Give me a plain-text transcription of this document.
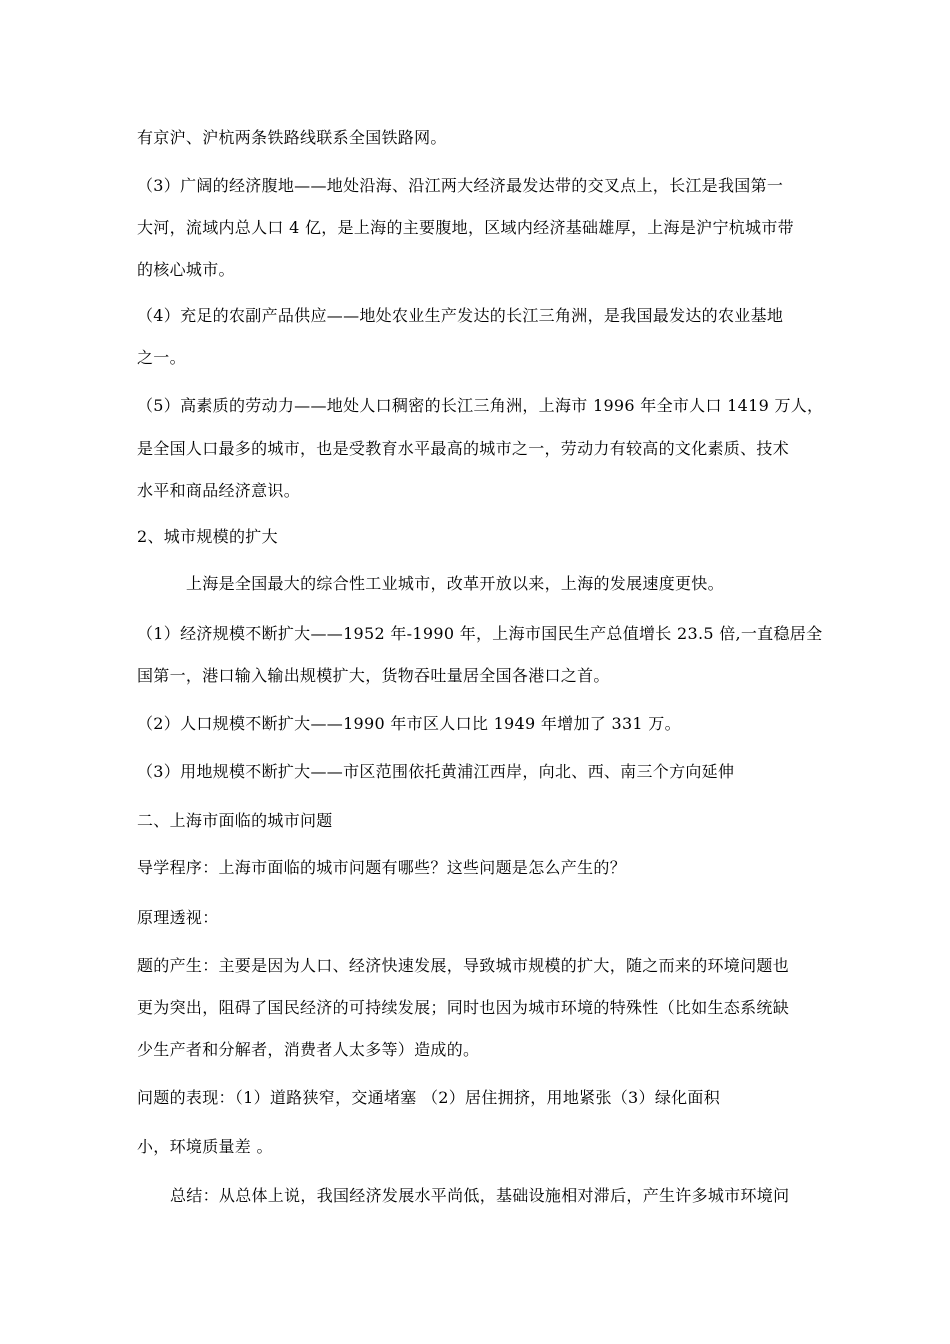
有京沪、沪杭两条铁路线联系全国铁路网。
（3）广阔的经济腹地——地处沿海、沿江两大经济最发达带的交叉点上，长江是我国第一
大河，流域内总人口 4 亿，是上海的主要腹地，区域内经济基础雄厚，上海是沪宁杭城市带
的核心城市。
（4）充足的农副产品供应——地处农业生产发达的长江三角洲，是我国最发达的农业基地
之一。
（5）高素质的劳动力——地处人口稠密的长江三角洲，上海市 1996 年全市人口 1419 万人，
是全国人口最多的城市，也是受教育水平最高的城市之一，劳动力有较高的文化素质、技术
水平和商品经济意识。
2、城市规模的扩大
上海是全国最大的综合性工业城市，改革开放以来，上海的发展速度更快。
（1）经济规模不断扩大——1952 年-1990 年，上海市国民生产总值增长 23.5 倍,一直稳居全
国第一，港口输入输出规模扩大，货物吞吐量居全国各港口之首。
（2）人口规模不断扩大——1990 年市区人口比 1949 年增加了 331 万。
（3）用地规模不断扩大——市区范围依托黄浦江西岸，向北、西、南三个方向延伸
二、上海市面临的城市问题
导学程序：上海市面临的城市问题有哪些？这些问题是怎么产生的？
原理透视：
题的产生：主要是因为人口、经济快速发展，导致城市规模的扩大，随之而来的环境问题也
更为突出，阻碍了国民经济的可持续发展；同时也因为城市环境的特殊性（比如生态系统缺
少生产者和分解者，消费者人太多等）造成的。
问题的表现：（1）道路狭窄，交通堵塞 （2）居住拥挤，用地紧张（3）绿化面积
小，环境质量差 。
总结：从总体上说，我国经济发展水平尚低，基础设施相对滞后，产生许多城市环境问
